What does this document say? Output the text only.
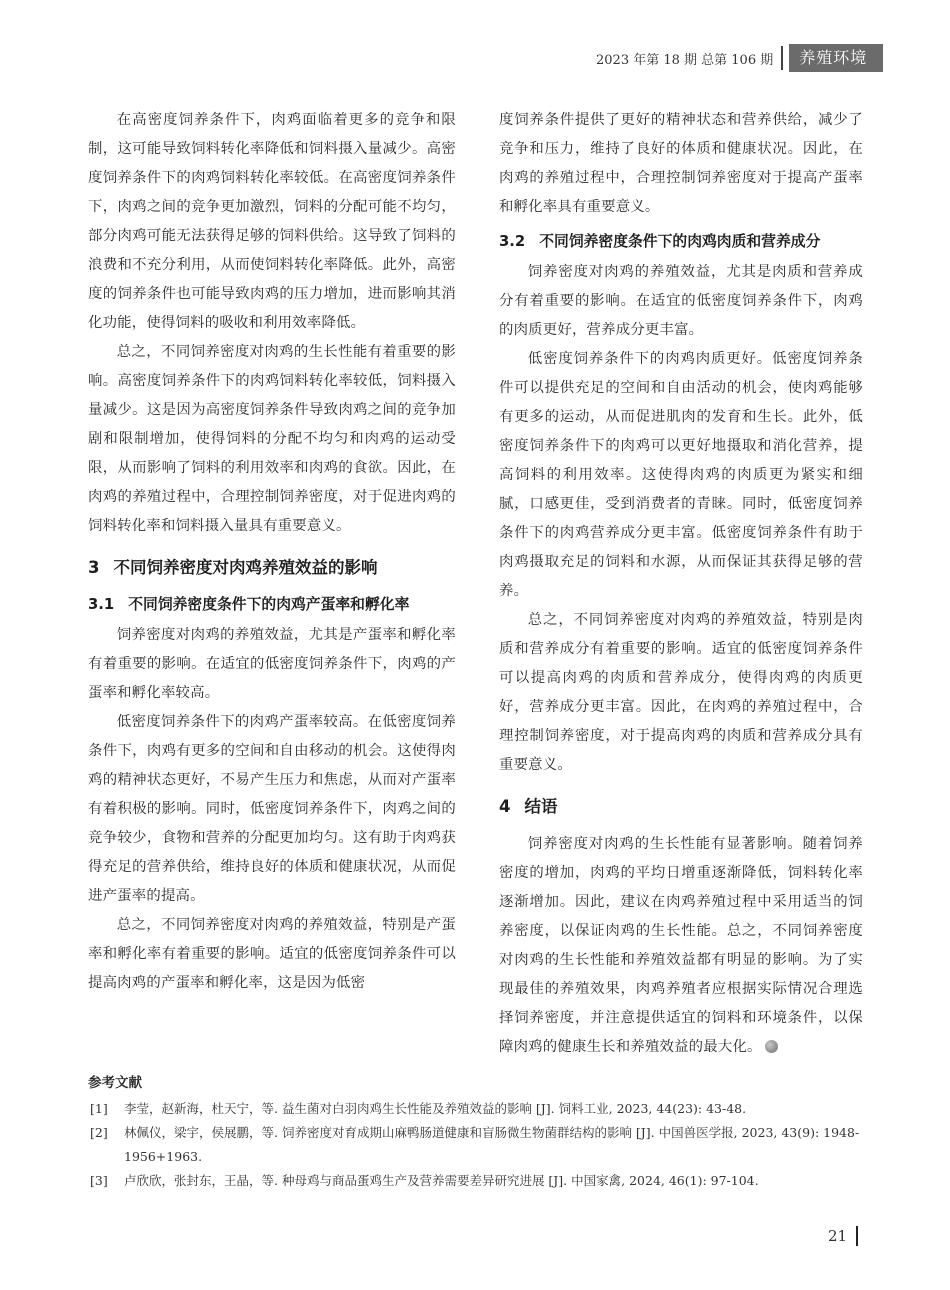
2023 年第 18 期 总第 106 期	养殖环境

在高密度饲养条件下，肉鸡面临着更多的竞争和限制，这可能导致饲料转化率降低和饲料摄入量减少。高密度饲养条件下的肉鸡饲料转化率较低。在高密度饲养条件下，肉鸡之间的竞争更加激烈，饲料的分配可能不均匀，部分肉鸡可能无法获得足够的饲料供给。这导致了饲料的浪费和不充分利用，从而使饲料转化率降低。此外，高密度的饲养条件也可能导致肉鸡的压力增加，进而影响其消化功能，使得饲料的吸收和利用效率降低。

总之，不同饲养密度对肉鸡的生长性能有着重要的影响。高密度饲养条件下的肉鸡饲料转化率较低，饲料摄入量减少。这是因为高密度饲养条件导致肉鸡之间的竞争加剧和限制增加，使得饲料的分配不均匀和肉鸡的运动受限，从而影响了饲料的利用效率和肉鸡的食欲。因此，在肉鸡的养殖过程中，合理控制饲养密度，对于促进肉鸡的饲料转化率和饲料摄入量具有重要意义。

3 不同饲养密度对肉鸡养殖效益的影响
3.1 不同饲养密度条件下的肉鸡产蛋率和孵化率

饲养密度对肉鸡的养殖效益，尤其是产蛋率和孵化率有着重要的影响。在适宜的低密度饲养条件下，肉鸡的产蛋率和孵化率较高。

低密度饲养条件下的肉鸡产蛋率较高。在低密度饲养条件下，肉鸡有更多的空间和自由移动的机会。这使得肉鸡的精神状态更好，不易产生压力和焦虑，从而对产蛋率有着积极的影响。同时，低密度饲养条件下，肉鸡之间的竞争较少，食物和营养的分配更加均匀。这有助于肉鸡获得充足的营养供给，维持良好的体质和健康状况，从而促进产蛋率的提高。

总之，不同饲养密度对肉鸡的养殖效益，特别是产蛋率和孵化率有着重要的影响。适宜的低密度饲养条件可以提高肉鸡的产蛋率和孵化率，这是因为低密

度饲养条件提供了更好的精神状态和营养供给，减少了竞争和压力，维持了良好的体质和健康状况。因此，在肉鸡的养殖过程中，合理控制饲养密度对于提高产蛋率和孵化率具有重要意义。

3.2 不同饲养密度条件下的肉鸡肉质和营养成分

饲养密度对肉鸡的养殖效益，尤其是肉质和营养成分有着重要的影响。在适宜的低密度饲养条件下，肉鸡的肉质更好，营养成分更丰富。

低密度饲养条件下的肉鸡肉质更好。低密度饲养条件可以提供充足的空间和自由活动的机会，使肉鸡能够有更多的运动，从而促进肌肉的发育和生长。此外，低密度饲养条件下的肉鸡可以更好地摄取和消化营养，提高饲料的利用效率。这使得肉鸡的肉质更为紧实和细腻，口感更佳，受到消费者的青睐。同时，低密度饲养条件下的肉鸡营养成分更丰富。低密度饲养条件有助于肉鸡摄取充足的饲料和水源，从而保证其获得足够的营养。

总之，不同饲养密度对肉鸡的养殖效益，特别是肉质和营养成分有着重要的影响。适宜的低密度饲养条件可以提高肉鸡的肉质和营养成分，使得肉鸡的肉质更好，营养成分更丰富。因此，在肉鸡的养殖过程中，合理控制饲养密度，对于提高肉鸡的肉质和营养成分具有重要意义。

4 结语

饲养密度对肉鸡的生长性能有显著影响。随着饲养密度的增加，肉鸡的平均日增重逐渐降低，饲料转化率逐渐增加。因此，建议在肉鸡养殖过程中采用适当的饲养密度，以保证肉鸡的生长性能。总之，不同饲养密度对肉鸡的生长性能和养殖效益都有明显的影响。为了实现最佳的养殖效果，肉鸡养殖者应根据实际情况合理选择饲养密度，并注意提供适宜的饲料和环境条件，以保障肉鸡的健康生长和养殖效益的最大化。

参考文献
[1] 李莹，赵新海，杜天宁，等. 益生菌对白羽肉鸡生长性能及养殖效益的影响 [J]. 饲料工业, 2023, 44(23): 43-48.
[2] 林佩仪，梁宇，侯展鹏，等. 饲养密度对育成期山麻鸭肠道健康和盲肠微生物菌群结构的影响 [J]. 中国兽医学报, 2023, 43(9): 1948-1956+1963.
[3] 卢欣欣，张封东，王晶，等. 种母鸡与商品蛋鸡生产及营养需要差异研究进展 [J]. 中国家禽, 2024, 46(1): 97-104.
21
